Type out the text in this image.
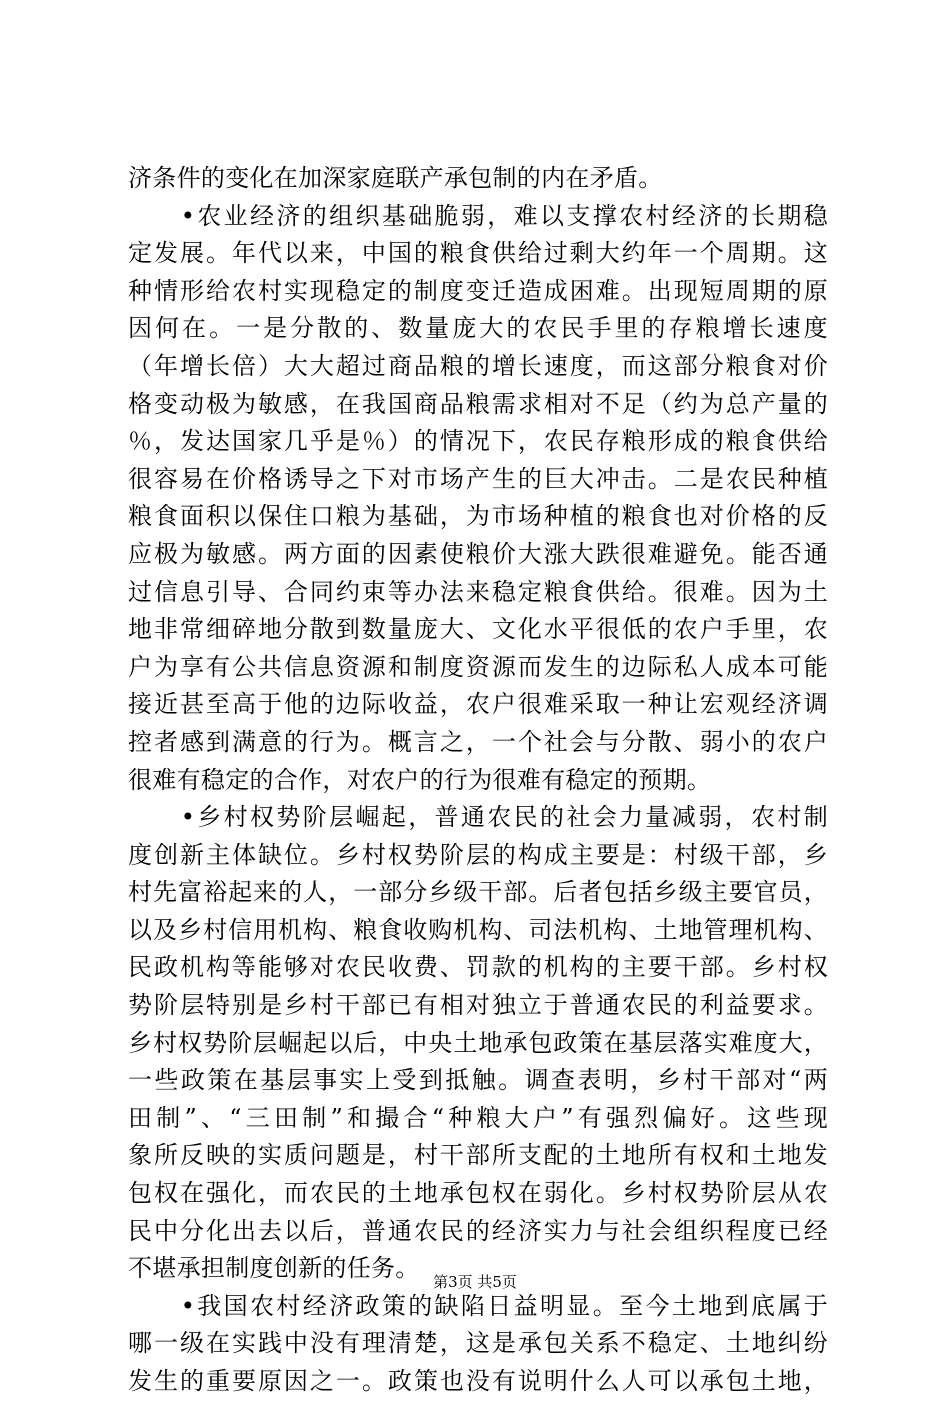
济条件的变化在加深家庭联产承包制的内在矛盾。
　　•农业经济的组织基础脆弱，难以支撑农村经济的长期稳
定发展。年代以来，中国的粮食供给过剩大约年一个周期。这
种情形给农村实现稳定的制度变迁造成困难。出现短周期的原
因何在。一是分散的、数量庞大的农民手里的存粮增长速度
（年增长倍）大大超过商品粮的增长速度，而这部分粮食对价
格变动极为敏感，在我国商品粮需求相对不足（约为总产量的
％，发达国家几乎是％）的情况下，农民存粮形成的粮食供给
很容易在价格诱导之下对市场产生的巨大冲击。二是农民种植
粮食面积以保住口粮为基础，为市场种植的粮食也对价格的反
应极为敏感。两方面的因素使粮价大涨大跌很难避免。能否通
过信息引导、合同约束等办法来稳定粮食供给。很难。因为土
地非常细碎地分散到数量庞大、文化水平很低的农户手里，农
户为享有公共信息资源和制度资源而发生的边际私人成本可能
接近甚至高于他的边际收益，农户很难采取一种让宏观经济调
控者感到满意的行为。概言之，一个社会与分散、弱小的农户
很难有稳定的合作，对农户的行为很难有稳定的预期。
　　•乡村权势阶层崛起，普通农民的社会力量减弱，农村制
度创新主体缺位。乡村权势阶层的构成主要是：村级干部，乡
村先富裕起来的人，一部分乡级干部。后者包括乡级主要官员，
以及乡村信用机构、粮食收购机构、司法机构、土地管理机构、
民政机构等能够对农民收费、罚款的机构的主要干部。乡村权
势阶层特别是乡村干部已有相对独立于普通农民的利益要求。
乡村权势阶层崛起以后，中央土地承包政策在基层落实难度大，
一些政策在基层事实上受到抵触。调查表明，乡村干部对“两
田制”、“三田制”和撮合“种粮大户”有强烈偏好。这些现
象所反映的实质问题是，村干部所支配的土地所有权和土地发
包权在强化，而农民的土地承包权在弱化。乡村权势阶层从农
民中分化出去以后，普通农民的经济实力与社会组织程度已经
不堪承担制度创新的任务。
　　•我国农村经济政策的缺陷日益明显。至今土地到底属于
哪一级在实践中没有理清楚，这是承包关系不稳定、土地纠纷
发生的重要原因之一。政策也没有说明什么人可以承包土地，
第3页 共5页
